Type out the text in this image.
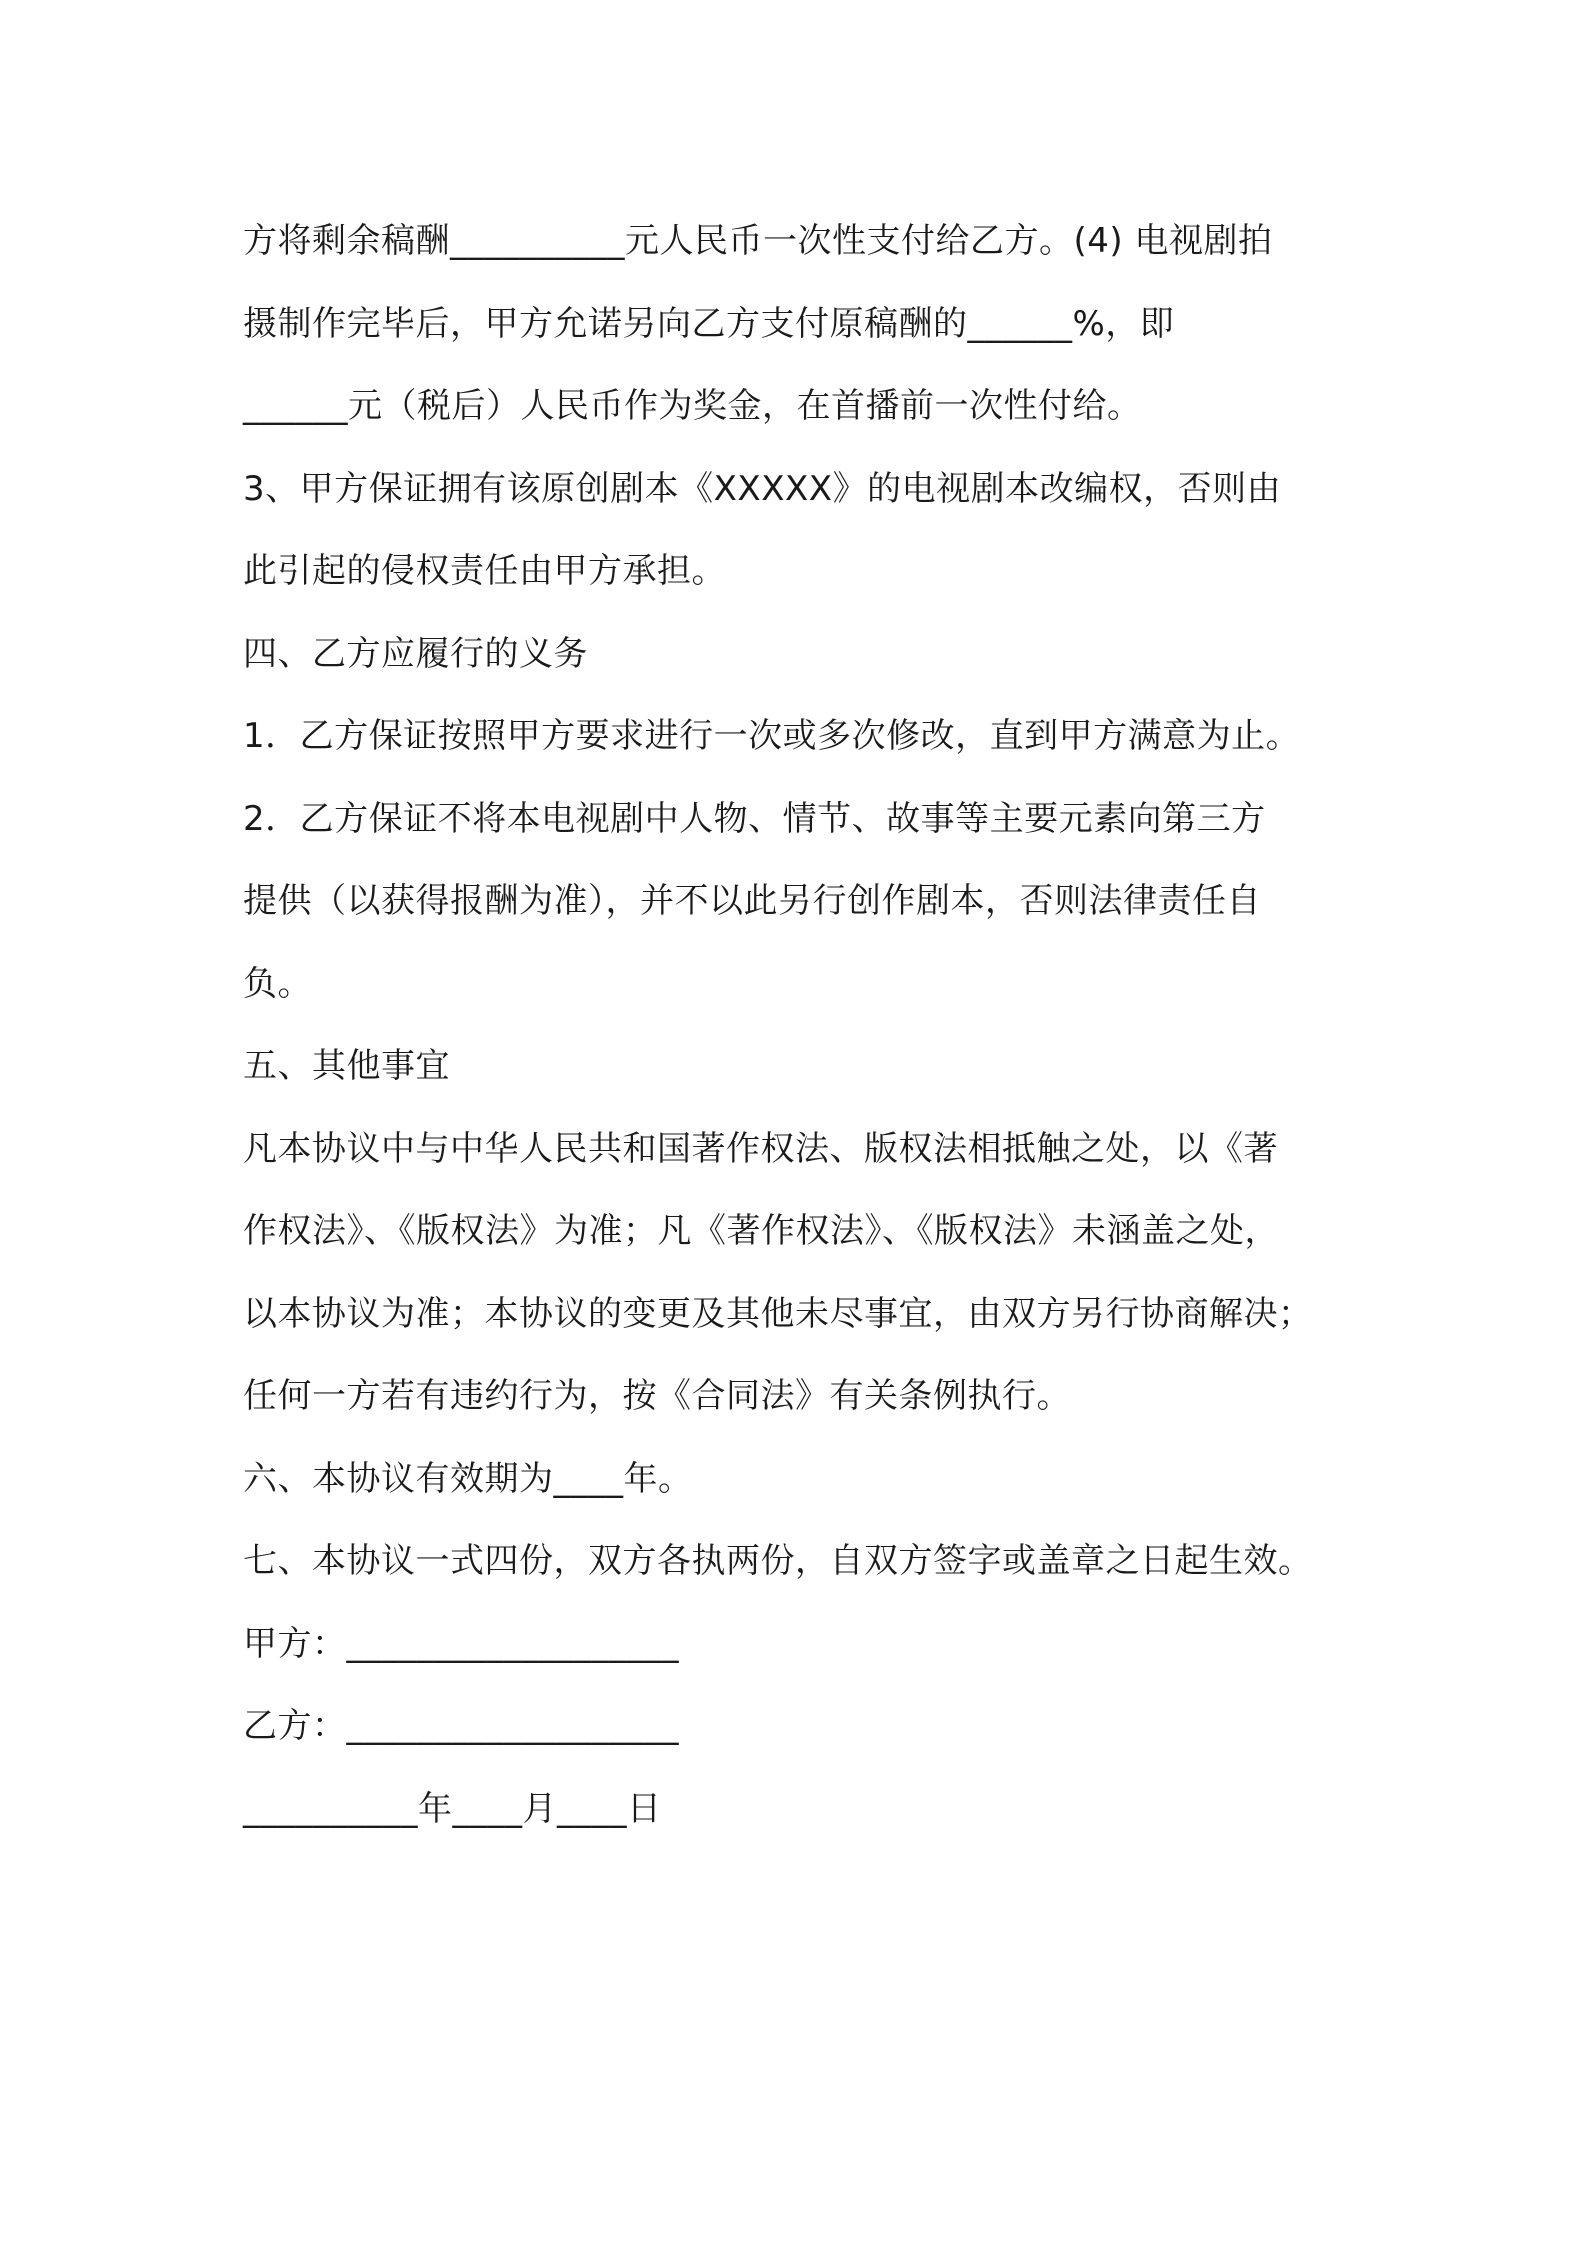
方将剩余稿酬__________元人民币一次性支付给乙方。(4) 电视剧拍
摄制作完毕后，甲方允诺另向乙方支付原稿酬的______%，即
______元（税后）人民币作为奖金，在首播前一次性付给。
3、甲方保证拥有该原创剧本《XXXXX》的电视剧本改编权，否则由
此引起的侵权责任由甲方承担。
四、乙方应履行的义务
1．乙方保证按照甲方要求进行一次或多次修改，直到甲方满意为止。
2．乙方保证不将本电视剧中人物、情节、故事等主要元素向第三方
提供（以获得报酬为准），并不以此另行创作剧本，否则法律责任自
负。
五、其他事宜
凡本协议中与中华人民共和国著作权法、版权法相抵触之处，以《著
作权法》、《版权法》为准；凡《著作权法》、《版权法》未涵盖之处，
以本协议为准；本协议的变更及其他未尽事宜，由双方另行协商解决；
任何一方若有违约行为，按《合同法》有关条例执行。
六、本协议有效期为____年。
七、本协议一式四份，双方各执两份，自双方签字或盖章之日起生效。
甲方：___________________
乙方：___________________
__________年____月____日
